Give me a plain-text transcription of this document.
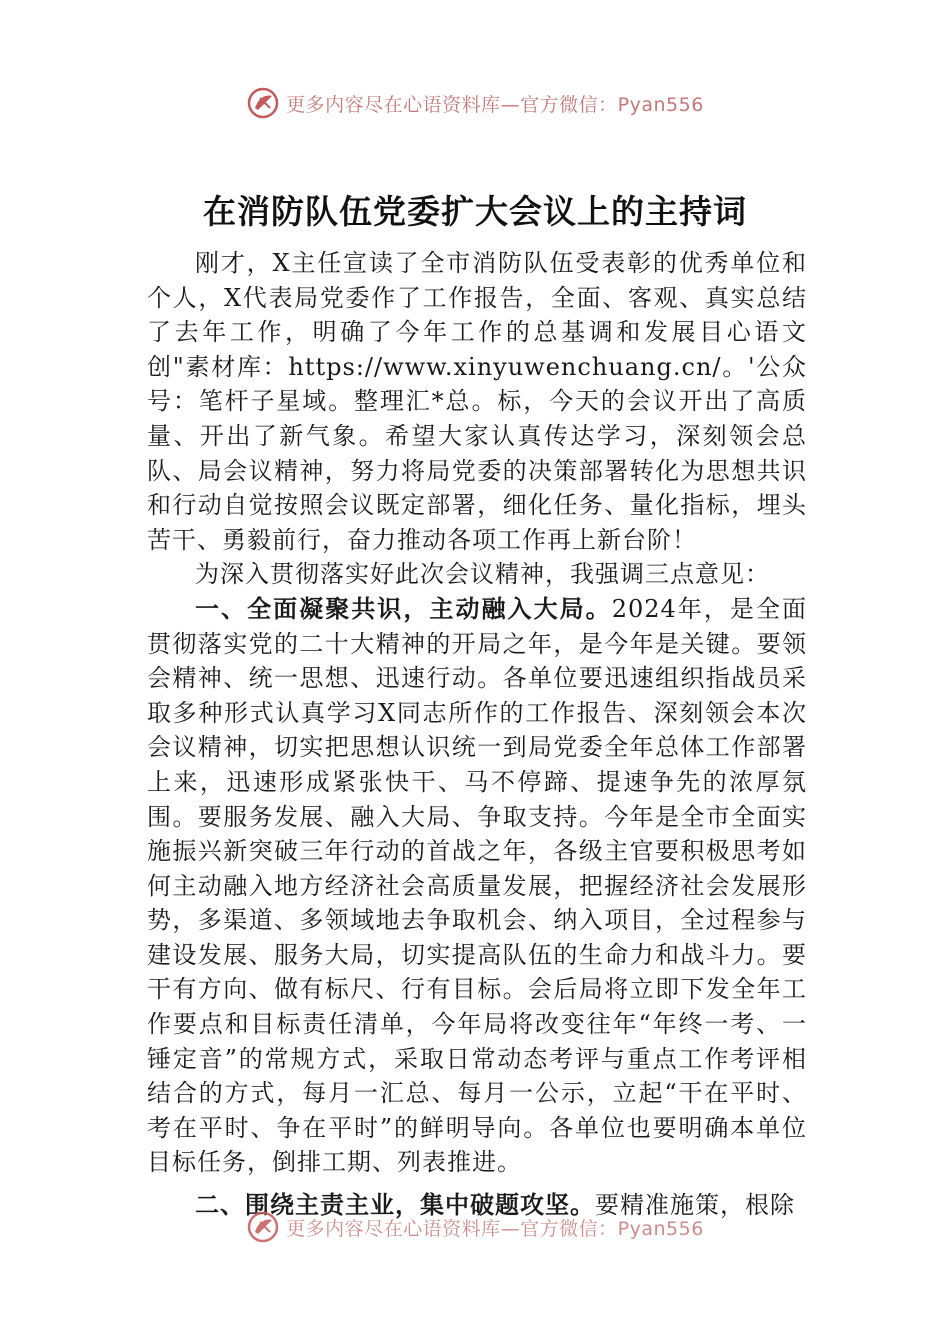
更多内容尽在心语资料库—官方微信：Pyan556
在消防队伍党委扩大会议上的主持词

刚才，X主任宣读了全市消防队伍受表彰的优秀单位和个人，X代表局党委作了工作报告，全面、客观、真实总结了去年工作，明确了今年工作的总基调和发展目心语文创"素材库：https://www.xinyuwenchuang.cn/。'公众号：笔杆子星域。整理汇*总。标，今天的会议开出了高质量、开出了新气象。希望大家认真传达学习，深刻领会总队、局会议精神，努力将局党委的决策部署转化为思想共识和行动自觉按照会议既定部署，细化任务、量化指标，埋头苦干、勇毅前行，奋力推动各项工作再上新台阶！

为深入贯彻落实好此次会议精神，我强调三点意见：

一、全面凝聚共识，主动融入大局。2024年，是全面贯彻落实党的二十大精神的开局之年，是今年是关键。要领会精神、统一思想、迅速行动。各单位要迅速组织指战员采取多种形式认真学习X同志所作的工作报告、深刻领会本次会议精神，切实把思想认识统一到局党委全年总体工作部署上来，迅速形成紧张快干、马不停蹄、提速争先的浓厚氛围。要服务发展、融入大局、争取支持。今年是全市全面实施振兴新突破三年行动的首战之年，各级主官要积极思考如何主动融入地方经济社会高质量发展，把握经济社会发展形势，多渠道、多领域地去争取机会、纳入项目，全过程参与建设发展、服务大局，切实提高队伍的生命力和战斗力。要干有方向、做有标尺、行有目标。会后局将立即下发全年工作要点和目标责任清单，今年局将改变往年“年终一考、一锤定音”的常规方式，采取日常动态考评与重点工作考评相结合的方式，每月一汇总、每月一公示，立起“干在平时、考在平时、争在平时”的鲜明导向。各单位也要明确本单位目标任务，倒排工期、列表推进。

二、围绕主责主业，集中破题攻坚。要精准施策，根除

更多内容尽在心语资料库—官方微信：Pyan556
